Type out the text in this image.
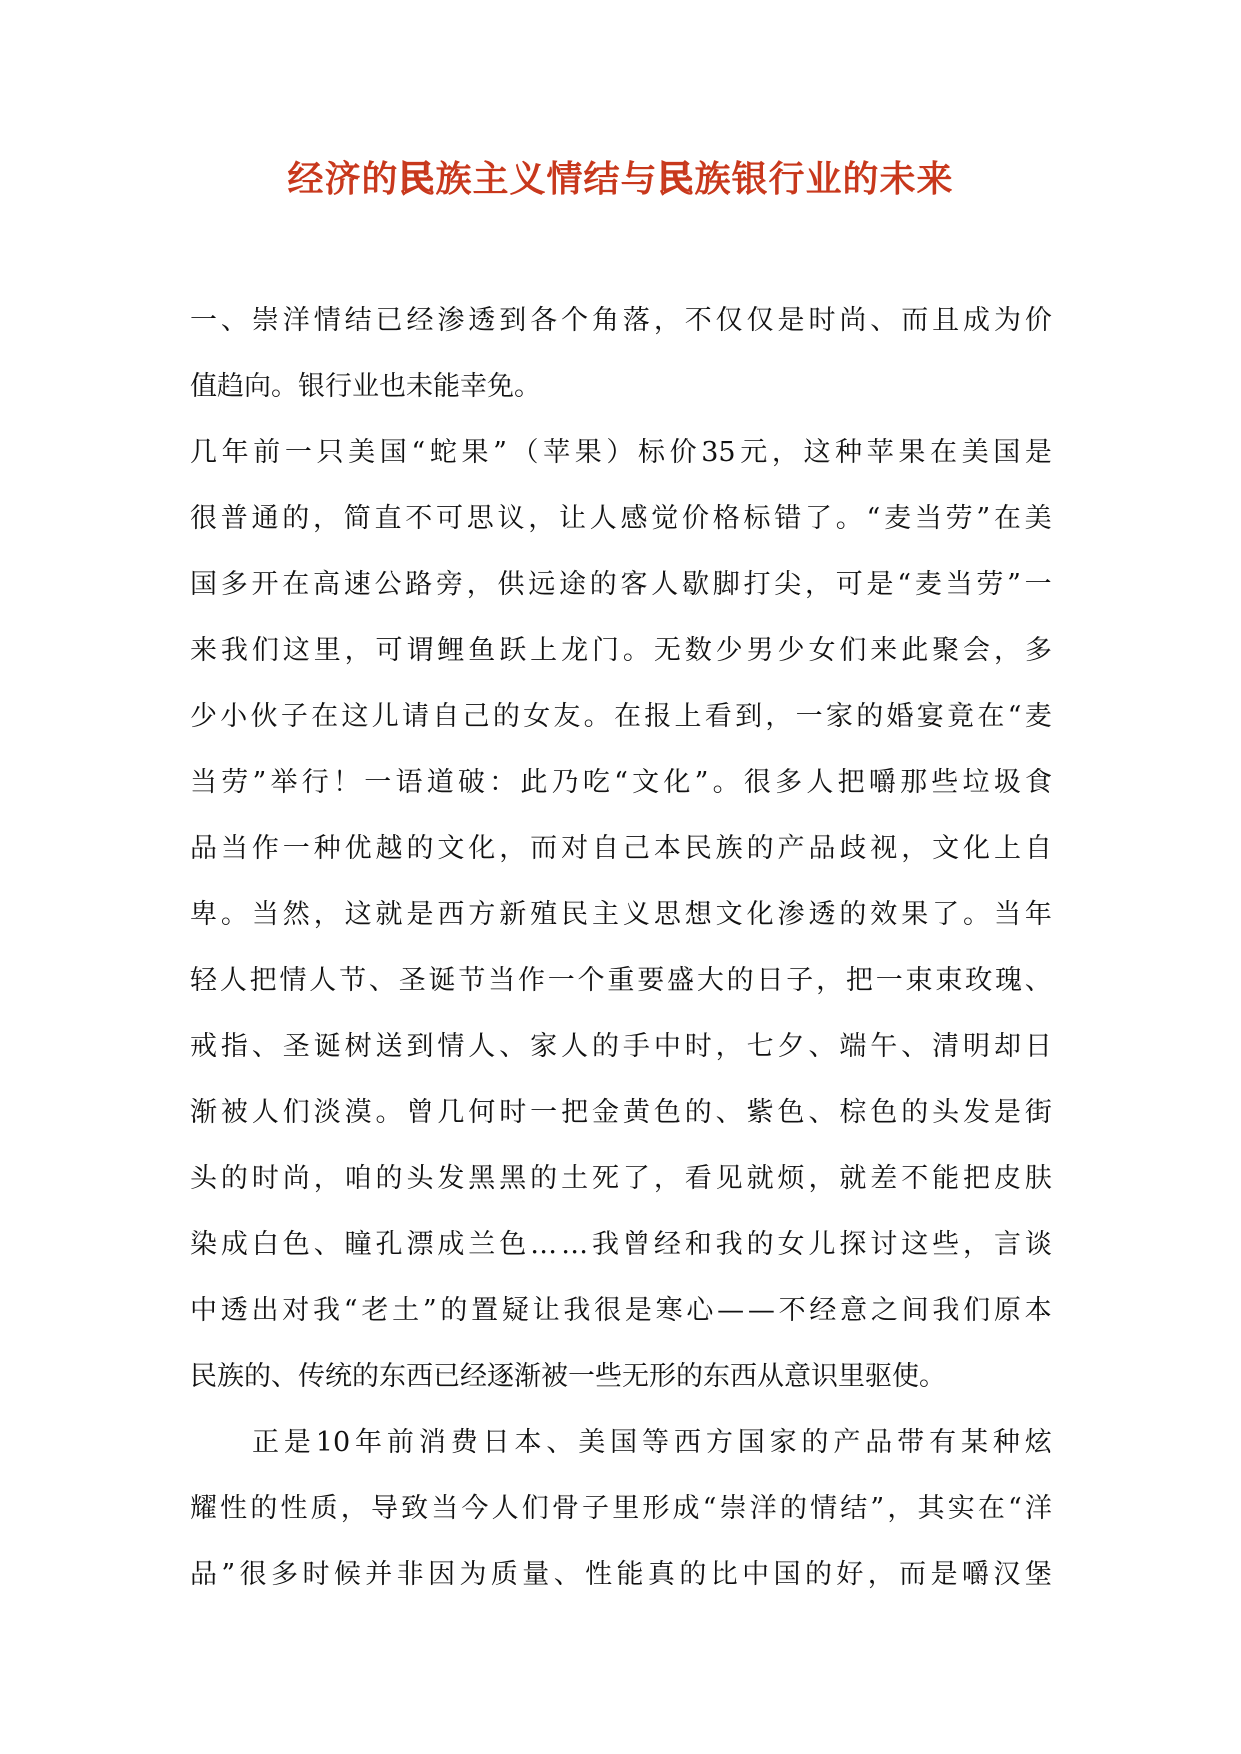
经济的民族主义情结与民族银行业的未来
一 、 崇 洋 情 结 已 经 渗 透 到 各 个 角 落 ， 不 仅 仅 是 时 尚 、 而 且 成 为 价
值 趋 向 。 银 行 业 也 未 能 幸 免 。
几 年 前 一 只 美 国 “ 蛇 果 ” （ 苹 果 ） 标 价 35 元 ， 这 种 苹 果 在 美 国 是
很 普 通 的 ， 简 直 不 可 思 议 ， 让 人 感 觉 价 格 标 错 了 。 “ 麦 当 劳 ” 在 美
国 多 开 在 高 速 公 路 旁 ， 供 远 途 的 客 人 歇 脚 打 尖 ， 可 是 “ 麦 当 劳 ” 一
来 我 们 这 里 ， 可 谓 鲤 鱼 跃 上 龙 门 。 无 数 少 男 少 女 们 来 此 聚 会 ， 多
少 小 伙 子 在 这 儿 请 自 己 的 女 友 。 在 报 上 看 到 ， 一 家 的 婚 宴 竟 在 “ 麦
当 劳 ” 举 行 ！ 一 语 道 破 ： 此 乃 吃 “ 文 化 ” 。 很 多 人 把 嚼 那 些 垃 圾 食
品 当 作 一 种 优 越 的 文 化 ， 而 对 自 己 本 民 族 的 产 品 歧 视 ， 文 化 上 自
卑 。 当 然 ， 这 就 是 西 方 新 殖 民 主 义 思 想 文 化 渗 透 的 效 果 了 。 当 年
轻 人 把 情 人 节 、 圣 诞 节 当 作 一 个 重 要 盛 大 的 日 子 ， 把 一 束 束 玫 瑰 、
戒 指 、 圣 诞 树 送 到 情 人 、 家 人 的 手 中 时 ， 七 夕 、 端 午 、 清 明 却 日
渐 被 人 们 淡 漠 。 曾 几 何 时 一 把 金 黄 色 的 、 紫 色 、 棕 色 的 头 发 是 街
头 的 时 尚 ， 咱 的 头 发 黑 黑 的 土 死 了 ， 看 见 就 烦 ， 就 差 不 能 把 皮 肤
染 成 白 色 、 瞳 孔 漂 成 兰 色 … … 我 曾 经 和 我 的 女 儿 探 讨 这 些 ， 言 谈
中 透 出 对 我 “ 老 土 ” 的 置 疑 让 我 很 是 寒 心 — — 不 经 意 之 间 我 们 原 本
民 族 的 、 传 统 的 东 西 已 经 逐 渐 被 一 些 无 形 的 东 西 从 意 识 里 驱 使 。
正 是 10 年 前 消 费 日 本 、 美 国 等 西 方 国 家 的 产 品 带 有 某 种 炫
耀 性 的 性 质 ， 导 致 当 今 人 们 骨 子 里 形 成 “ 崇 洋 的 情 结 ” ， 其 实 在 “ 洋
品 ” 很 多 时 候 并 非 因 为 质 量 、 性 能 真 的 比 中 国 的 好 ， 而 是 嚼 汉 堡
